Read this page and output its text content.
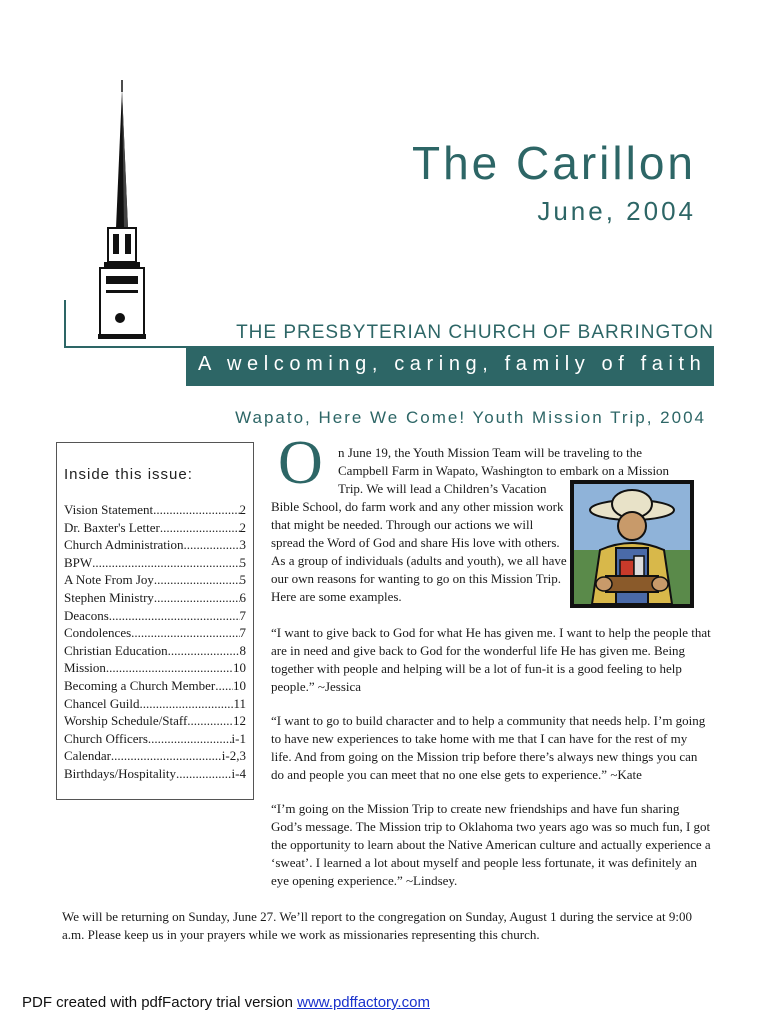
The Carillon
June, 2004
THE PRESBYTERIAN CHURCH OF BARRINGTON
A welcoming, caring, family of faith
Wapato, Here We Come! Youth Mission Trip, 2004
Inside this issue:
Vision Statement .....	2
Dr. Baxter's Letter .....	2
Church Administration .....	3
BPW .....	5
A Note From Joy .....	5
Stephen Ministry .....	6
Deacons .....	7
Condolences .....	7
Christian Education .....	8
Mission .....	10
Becoming a Church Member ..... 10
Chancel Guild .....	11
Worship Schedule/Staff .....	12
Church Officers .....	i-1
Calendar .....	i-2,3
Birthdays/Hospitality .....	i-4
O n June 19, the Youth Mission Team will be traveling to the Campbell Farm in Wapato, Washington to embark on a Mission Trip. We will lead a Children’s Vacation
Bible School, do farm work and any other mission work that might be needed. Through our actions we will spread the Word of God and share His love with others. As a group of individuals (adults and youth), we all have our own reasons for wanting to go on this Mission Trip. Here are some examples.
“I want to give back to God for what He has given me. I want to help the people that are in need and give back to God for the wonderful life He has given me. Being together with people and helping will be a lot of fun-it is a good feeling to help people.” ~Jessica
“I want to go to build character and to help a community that needs help. I’m going to have new experiences to take home with me that I can have for the rest of my life. And from going on the Mission trip before there’s always new things you can do and people you can meet that no one else gets to experience.” ~Kate
“I’m going on the Mission Trip to create new friendships and have fun sharing God’s message. The Mission trip to Oklahoma two years ago was so much fun, I got the opportunity to learn about the Native American culture and actually experience a ‘sweat’. I learned a lot about myself and people less fortunate, it was definitely an eye opening experience.” ~Lindsey.
We will be returning on Sunday, June 27. We’ll report to the congregation on Sunday, August 1 during the service at 9:00 a.m. Please keep us in your prayers while we work as missionaries representing this church.
PDF created with pdfFactory trial version www.pdffactory.com
